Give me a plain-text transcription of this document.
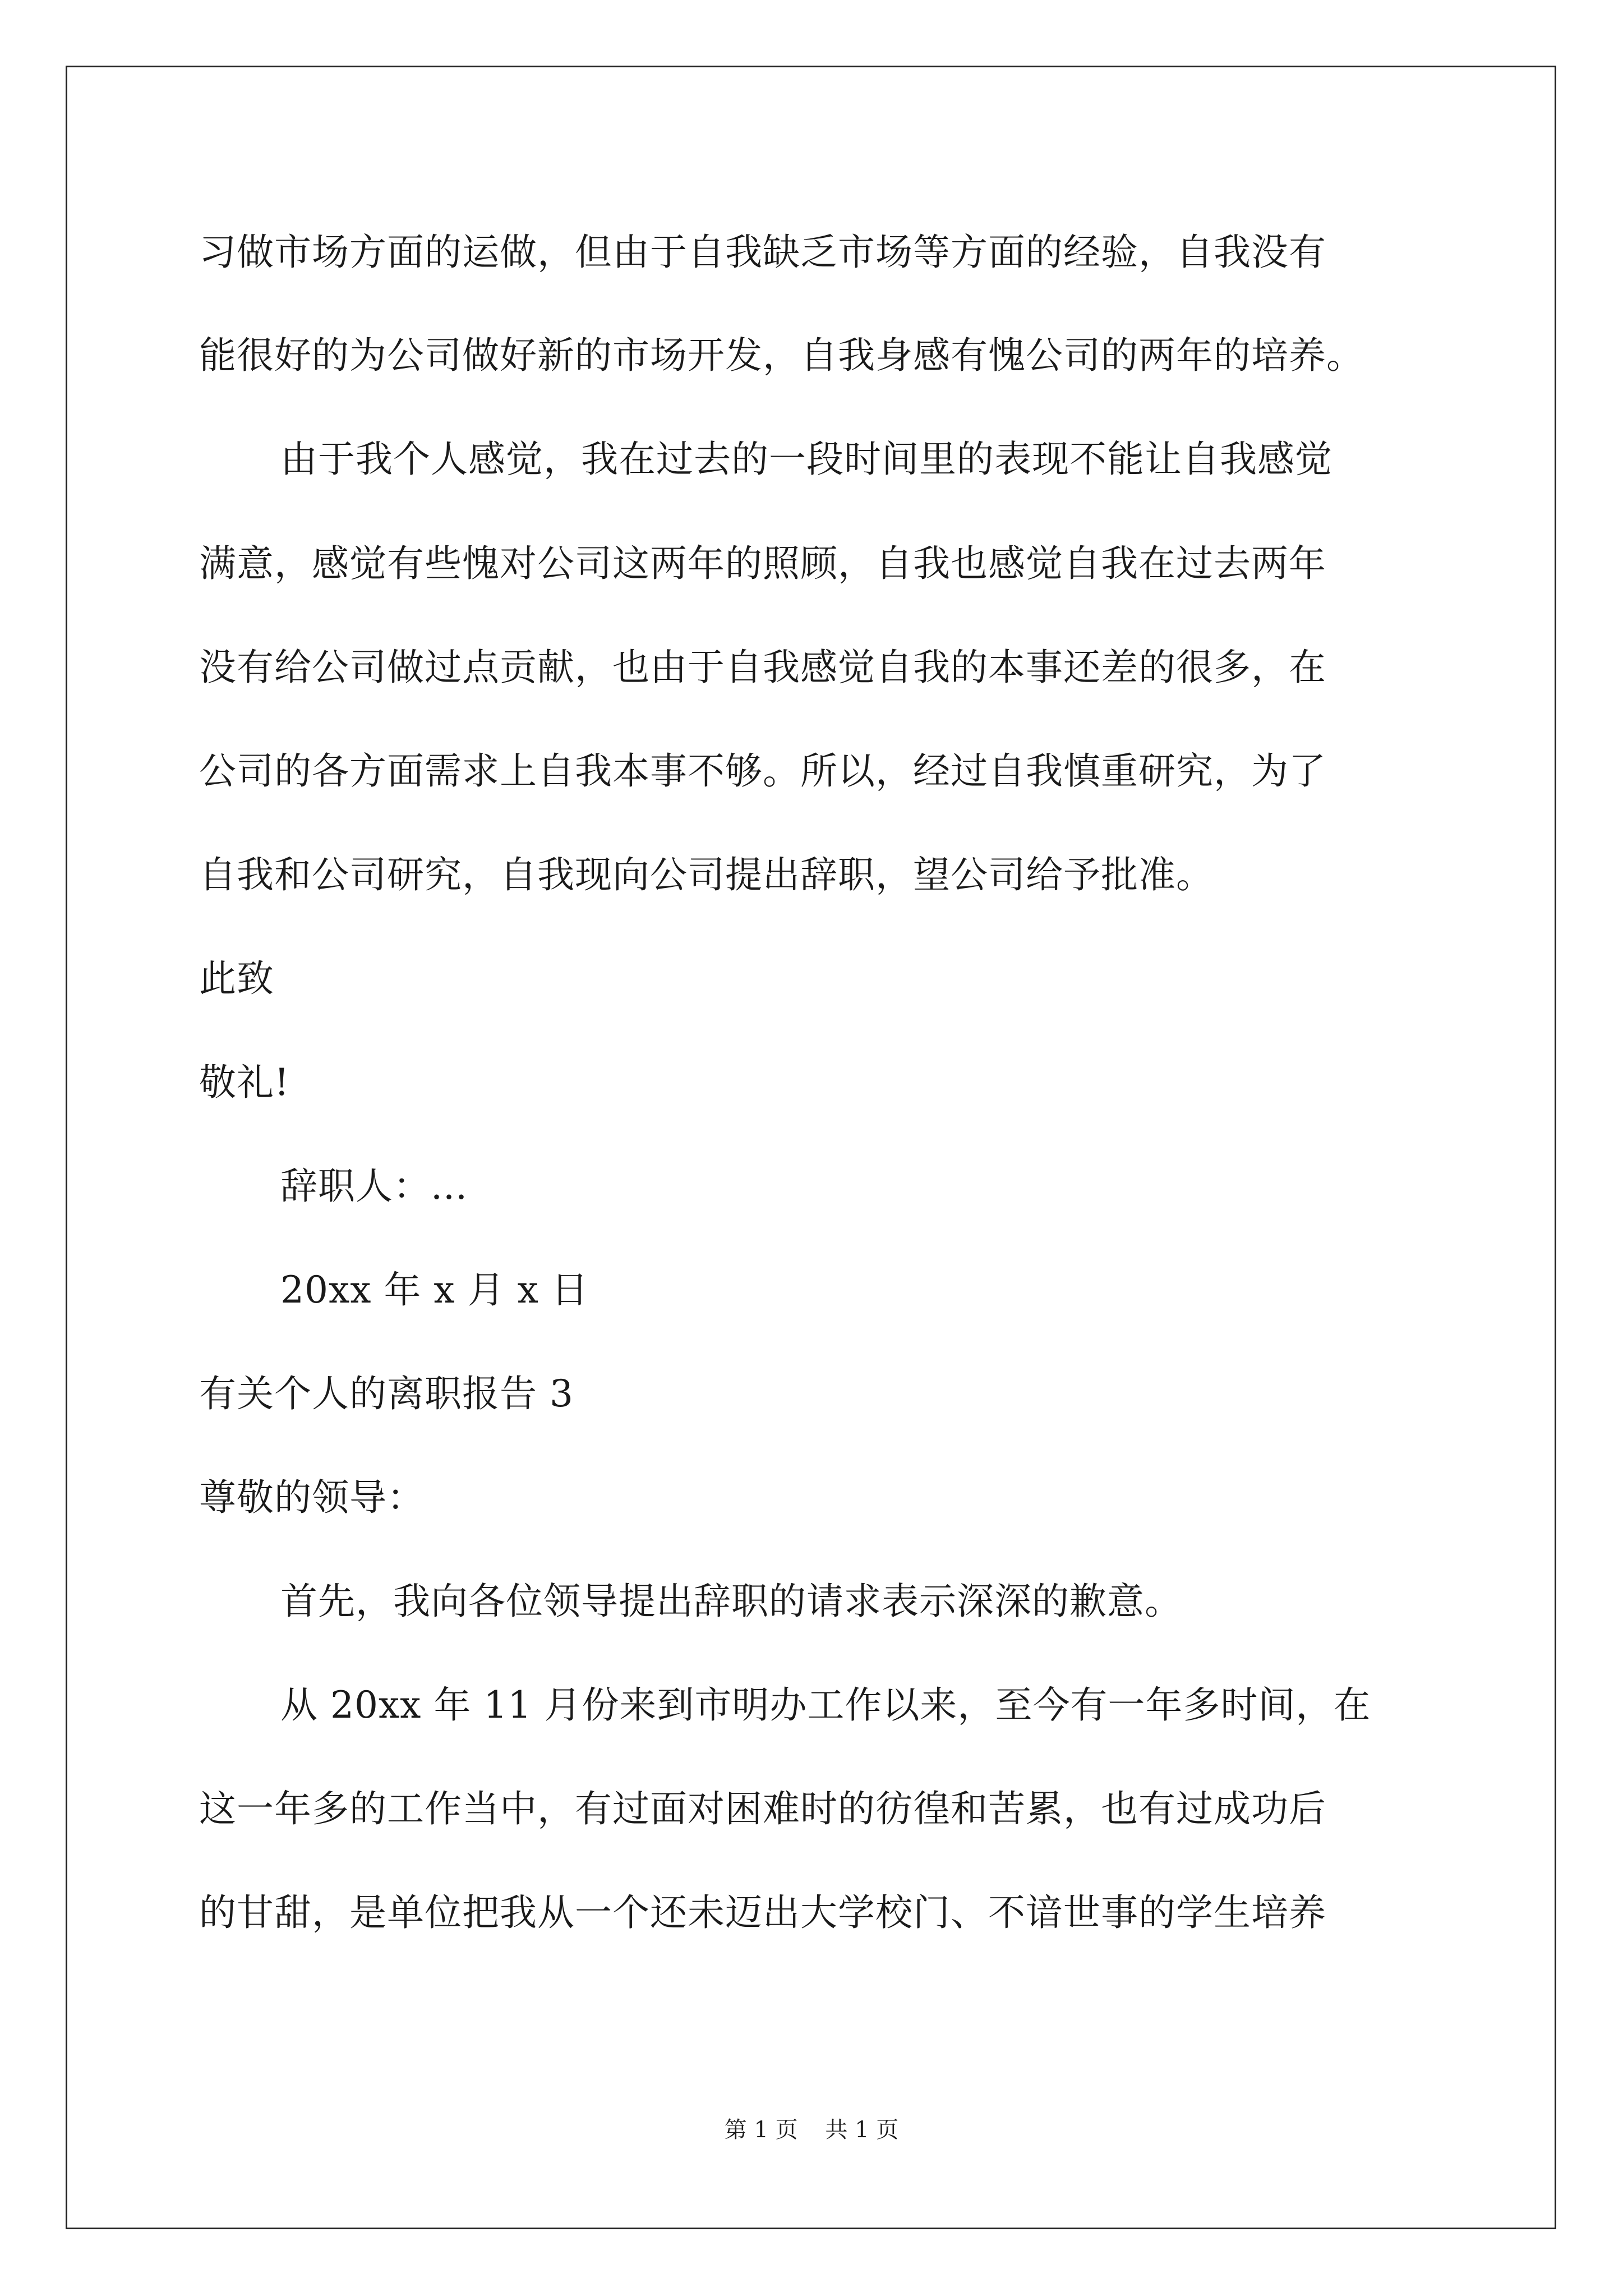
习做市场方面的运做，但由于自我缺乏市场等方面的经验，自我没有
能很好的为公司做好新的市场开发，自我身感有愧公司的两年的培养。
由于我个人感觉，我在过去的一段时间里的表现不能让自我感觉
满意，感觉有些愧对公司这两年的照顾，自我也感觉自我在过去两年
没有给公司做过点贡献，也由于自我感觉自我的本事还差的很多，在
公司的各方面需求上自我本事不够。所以，经过自我慎重研究，为了
自我和公司研究，自我现向公司提出辞职，望公司给予批准。
此致
敬礼!
辞职人：...
20xx 年 x 月 x 日
有关个人的离职报告 3
尊敬的领导：
首先，我向各位领导提出辞职的请求表示深深的歉意。
从 20xx 年 11 月份来到市明办工作以来，至今有一年多时间，在
这一年多的工作当中，有过面对困难时的彷徨和苦累，也有过成功后
的甘甜，是单位把我从一个还未迈出大学校门、不谙世事的学生培养
第 1 页 共 1 页
